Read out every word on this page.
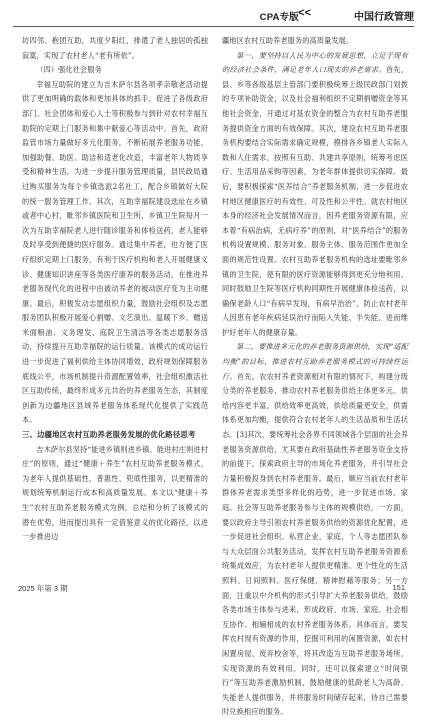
CPA专版 <<	中国行政管理

坊四邻、抱团互助，共度夕阳红，排遣了老人独居的孤独寂寞，实现了农村老人“老有所依”。

（四）强化社会服务

幸福互助院的建立为吉木萨尔县各项孝亲敬老活动提供了更加明确的载体和更加具体的抓手，促进了各级政府部门、社会团体和爱心人士等积极参与到针对农村幸福互助院的定期上门服务和集中献爱心等活动中。首先，政府监管市场力量做好多元化服务，不断拓展养老服务功能，加强助餐、助医、助洁和适老化改造，丰富老年人物质享受和精神生活。为进一步提升服务管理质量，县民政局通过购买服务为每个乡镇选派2名社工，配合乡镇做好大院的统一服务管理工作。其次，互助幸福院建设选址在乡镇或者中心村，毗邻乡镇医院和卫生所，乡镇卫生院每月一次为互助幸福院老人进行随诊服务和体检送药，老人能够及时享受到便捷的医疗服务。通过集中养老，也方便了医疗组织定期上门服务，有利于医疗机构和老人开展健康义诊、健康知识讲座等各类医疗康养的服务活动，在推进养老服务现代化的进程中由被动养老的被动医疗变为主动健康。最后，积极发动志愿组织力量，鼓励社会组织及志愿服务团队积极开展爱心捐赠、文艺演出、温暖下乡、赠送米面粮油、义务理发、庭院卫生清洁等各类志愿服务活动，持续提升互助幸福院的运行质量。该模式的成功运行进一步促进了福利供给主体协同增效，政府规划保障服务底线公平，市场机制提升资源配置效率，社会组织激活社区互助传统，最终形成多元共治的养老服务生态，其制度创新为边疆地区县域养老服务体系现代化提供了实践范本。

三、边疆地区农村互助养老服务发展的优化路径思考

吉木萨尔县坚持“能进乡镇则进乡镇、能进村庄则进村庄”的原则，通过“健康＋养生”农村互助养老服务模式，为老年人提供基础性、普惠性、兜底性服务，以更精准的规划统筹机制运行成本和高质量发展。本文以“健康＋养生”农村互助养老服务模式为例，总结和分析了该模式的潜在优势，进而提出具有一定借鉴意义的优化路径，以进一步推进边

疆地区农村互助养老服务的高质量发展。

第一，要坚持以人民为中心的发展思想，立足于现有的经济社会条件，满足老年人口现实的养老需求。首先，县、乡等各级基层主管部门要积极统筹上级民政部门划拨的专项补助资金，以及社会福利组织不定期捐赠资金等其他社会资金，开通过对基农资金的整合为农村互助养老服务提供资金方面的有效保障。其次，建设农村互助养老服务机构要结合实际需求确定规模，摸排各乡镇老人实际入数和人住需求，按照有互助、共建共享原则，统筹考虑医疗、生活用品采购等因素，为老年群体提供切实保障。最后，要积极探索“医养结合”养老服务机制，进一步促进农村地区健康医疗的有效性、可及性和公平性。就农村地区本身的经济社会发展情况而言，因养老服务资源有限，应本着“有病治病，无病疗养”的原则，对“医养结合”的服务机构设置规模、服务对象、服务主体、服务范围作更加全面的规范性设置。农村互助养老服务机构的选址要毗邻乡镇的卫生院，使有限的医疗资源能够得到更充分地利用，同时鼓励卫生院等医疗机构同期性开展健康体检送药，以确保老龄人口“有病早发现，有病早治治”，防止农村老年人因患有老年疾病延误治疗而陷入失能、半失能，进而维护好老年人的健康存量。

第二，要推进多元化的养老服务资源供给，实现“适配均衡”的目标，推进农村互助养老服务模式的可持续性运行。首先，农农村养老资源相对有限的情况下，构建分级分类的养老服务，推动农村养老服务供给主体更多元、供给内容更丰富，供给效率更高效，供给质量更安全，供需体系更加均衡，提供符合农村老年人的生活品质和生活状态。[3]其次，要统筹社会各界不同领域各个层面的社会养老服务资源供给，尤其要在政府基础性养老服务资金支持的前提下，探索政府主导的市场化养老服务，并引导社会力量积极投身到农村养老服务。最后，顺应当前农村老年群体养老需求类型多样化的趋势，进一步促进市场、家庭、社会等互助养老服务参与主体的规模供给，一方面，要以政府主导引领农村养老服务供给的资源优化配置，进一步促进社会组织、私营企业、家庭、个人等志愿团队参与大众层面公共服务活动，发挥农村互助养老服务资源系统集成效应，为农村老年人提供更精准、更个性化的生活照料、日间照料、医疗保健、精神慰藉等服务；另一方面，注重以中介机构的形式引导扩大养老服务供给，鼓励各类市场主体参与进来，形成政府、市场、家庭、社会相互协作、相辅相成的农村养老服务体系。具体而言，要发挥农村现有资源的作用，挖掘可利用的闲置资源，如农村闲置房屋、废弃校舍等，将其改造为互助养老服务场所，实现资源的有效利用。同时，还可以探索建立“时间银行”等互助养老激励机制，鼓励健康的低龄老人为高龄、失能老人提供服务，并将服务时间储存起来，待自己需要时兑换相应的服务。

2025 年第 3 期	151
